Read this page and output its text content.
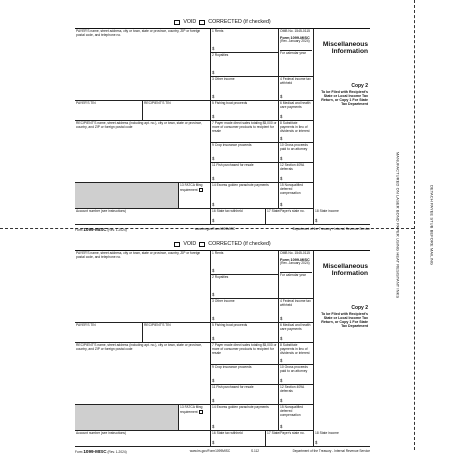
MANUFACTURED ON LASER BOND PAPER USING HEAT RESISTANT INKS	DETACH PAYEE STUB BEFORE MAILING
VOID CORRECTED (if checked)
PAYER'S name, street address, city or town, state or province, country, ZIP or foreign postal code, and telephone no.
1 Rents
$
OMB No. 1545-0115
Form 1099-MISC
(Rev. January 2024)
For calendar year
Miscellaneous Information
2 Royalties
$
3 Other income
$
4 Federal income tax withheld
$
Copy 2
To be Filed with Recipient's State or Local Income Tax Return, or Copy 1 For State Tax Department
PAYER'S TIN	RECIPIENT'S TIN	5 Fishing boat proceeds
$
6 Medical and health care payments
$
RECIPIENT'S name, street address (including apt. no.), city or town, state or province, country, and ZIP or foreign postal code
7 Payer made direct sales totaling $5,000 or more of consumer products to recipient for resale
8 Substitute payments in lieu of dividends or interest
$
9 Crop insurance proceeds
$
10 Gross proceeds paid to an attorney
$
11 Fish purchased for resale
$
12 Section 409A deferrals
$
13 FATCA filing requirement
14 Excess golden parachute payments
$
15 Nonqualified deferred compensation
$
Account number (see instructions)	16 State tax withheld
$
17 State/Payer's state no.	18 State income
$
Form 1099-MISC (Rev. 1-2024)	www.irs.gov/Form1099MISC	Department of the Treasury - Internal Revenue Service
VOID CORRECTED (if checked)
PAYER'S name, street address, city or town, state or province, country, ZIP or foreign postal code, and telephone no.
1 Rents
$
OMB No. 1545-0115
Form 1099-MISC
(Rev. January 2024)
For calendar year
Miscellaneous Information
2 Royalties
$
3 Other income
$
4 Federal income tax withheld
$
Copy 2
To be Filed with Recipient's State or Local Income Tax Return, or Copy 1 For State Tax Department
PAYER'S TIN	RECIPIENT'S TIN	5 Fishing boat proceeds
$
6 Medical and health care payments
$
RECIPIENT'S name, street address (including apt. no.), city or town, state or province, country, and ZIP or foreign postal code
7 Payer made direct sales totaling $5,000 or more of consumer products to recipient for resale
8 Substitute payments in lieu of dividends or interest
$
9 Crop insurance proceeds
$
10 Gross proceeds paid to an attorney
$
11 Fish purchased for resale
$
12 Section 409A deferrals
$
13 FATCA filing requirement
14 Excess golden parachute payments
$
15 Nonqualified deferred compensation
$
Account number (see instructions)	16 State tax withheld
$
17 State/Payer's state no.	18 State income
$
Form 1099-MISC (Rev. 1-2024)	www.irs.gov/Form1099MISC	S.112	Department of the Treasury - Internal Revenue Service
